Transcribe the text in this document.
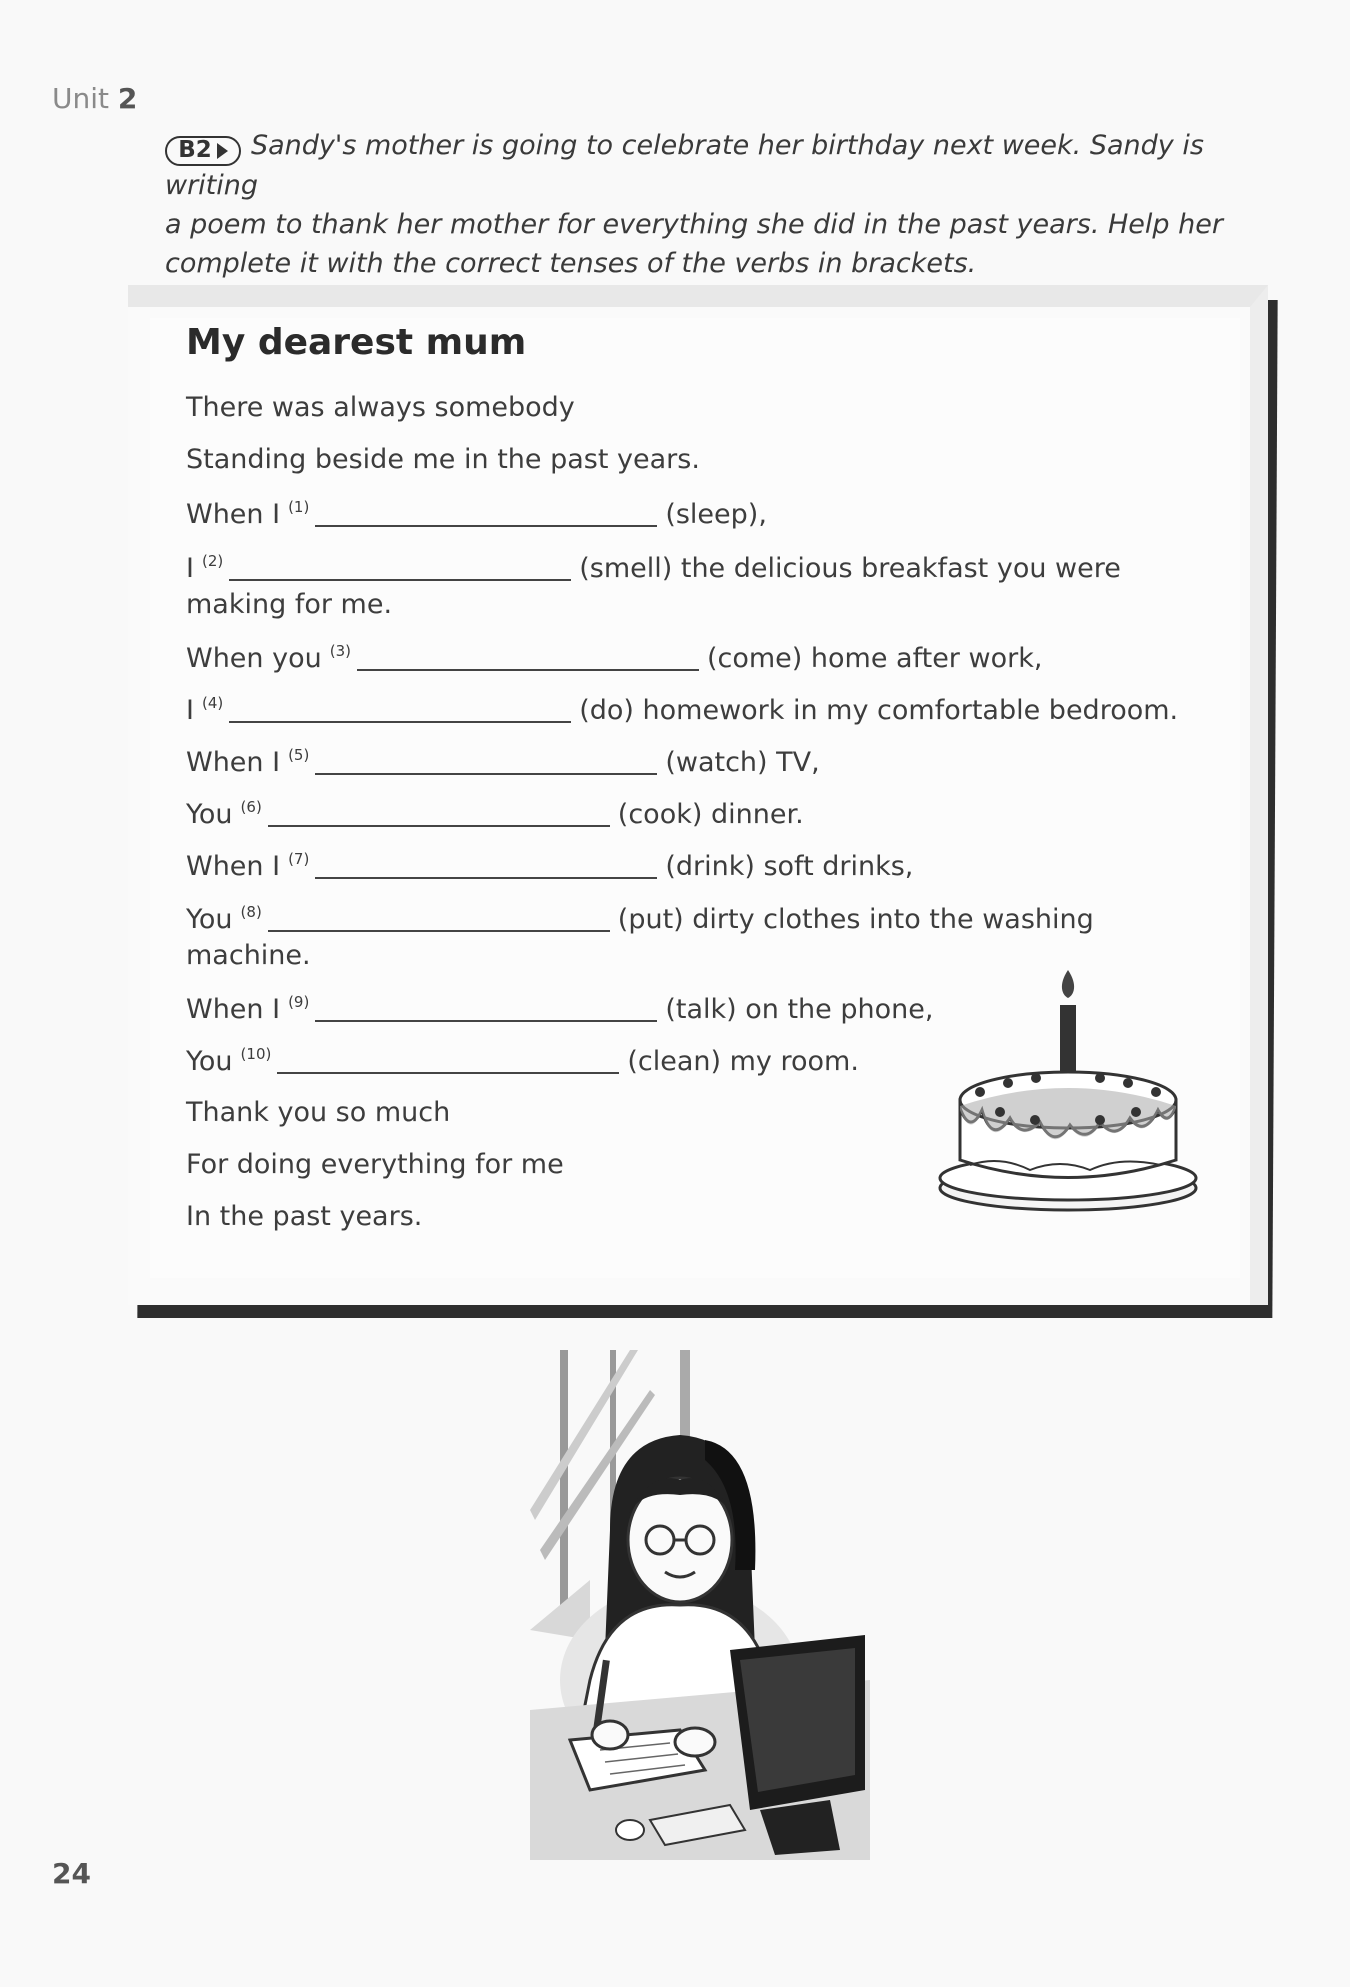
Unit 2
B2 Sandy's mother is going to celebrate her birthday next week. Sandy is writing
a poem to thank her mother for everything she did in the past years. Help her
complete it with the correct tenses of the verbs in brackets.
My dearest mum
There was always somebody
Standing beside me in the past years.
When I $^{(1)}$	(sleep),
I $^{(2)}$	(smell) the delicious breakfast you were
making for me.
When you $^{(3)}$	(come) home after work,
I $^{(4)}$	(do) homework in my comfortable bedroom.
When I $^{(5)}$	(watch) TV,
You $^{(6)}$	(cook) dinner.
When I $^{(7)}$	(drink) soft drinks,
You $^{(8)}$	(put) dirty clothes into the washing
machine.
When I $^{(9)}$	(talk) on the phone,
You $^{(10)}$	(clean) my room.
Thank you so much
For doing everything for me
In the past years.
24
